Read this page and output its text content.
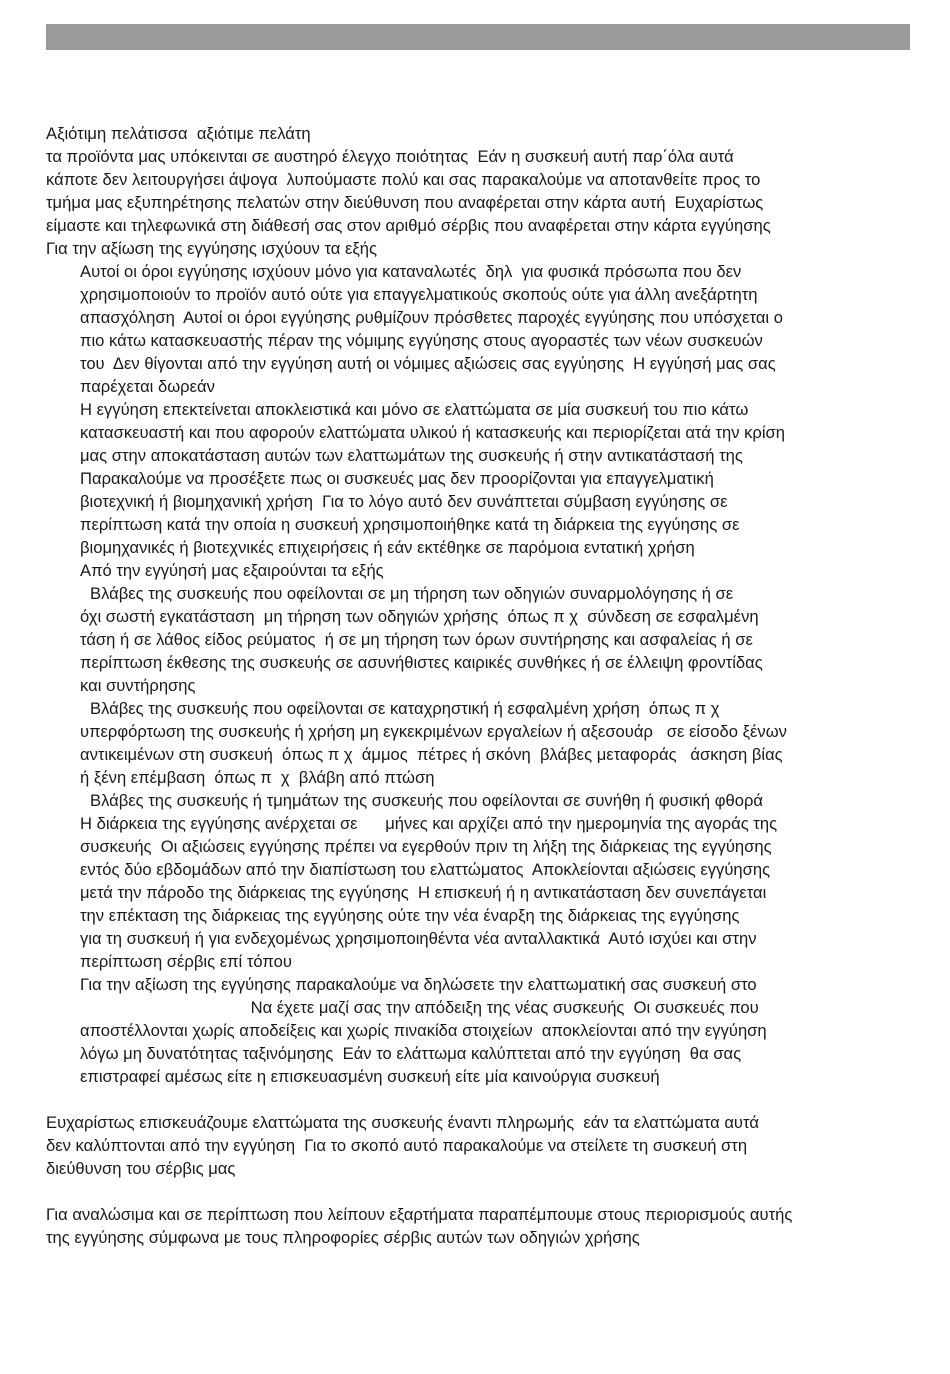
Αξιότιμη πελάτισσα  αξιότιμε πελάτη
τα προϊόντα μας υπόκεινται σε αυστηρό έλεγχο ποιότητας  Εάν η συσκευή αυτή παρ΄όλα αυτά
κάποτε δεν λειτουργήσει άψογα  λυπούμαστε πολύ και σας παρακαλούμε να αποτανθείτε προς το
τμήμα μας εξυπηρέτησης πελατών στην διεύθυνση που αναφέρεται στην κάρτα αυτή  Ευχαρίστως
είμαστε και τηλεφωνικά στη διάθεσή σας στον αριθμό σέρβις που αναφέρεται στην κάρτα εγγύησης
Για την αξίωση της εγγύησης ισχύουν τα εξής
Αυτοί οι όροι εγγύησης ισχύουν μόνο για καταναλωτές  δηλ  για φυσικά πρόσωπα που δεν
χρησιμοποιούν το προϊόν αυτό ούτε για επαγγελματικούς σκοπούς ούτε για άλλη ανεξάρτητη
απασχόληση  Αυτοί οι όροι εγγύησης ρυθμίζουν πρόσθετες παροχές εγγύησης που υπόσχεται ο
πιο κάτω κατασκευαστής πέραν της νόμιμης εγγύησης στους αγοραστές των νέων συσκευών
του  Δεν θίγονται από την εγγύηση αυτή οι νόμιμες αξιώσεις σας εγγύησης  Η εγγύησή μας σας
παρέχεται δωρεάν
Η εγγύηση επεκτείνεται αποκλειστικά και μόνο σε ελαττώματα σε μία συσκευή του πιο κάτω
κατασκευαστή και που αφορούν ελαττώματα υλικού ή κατασκευής και περιορίζεται ατά την κρίση
μας στην αποκατάσταση αυτών των ελαττωμάτων της συσκευής ή στην αντικατάστασή της
Παρακαλούμε να προσέξετε πως οι συσκευές μας δεν προορίζονται για επαγγελματική
βιοτεχνική ή βιομηχανική χρήση  Για το λόγο αυτό δεν συνάπτεται σύμβαση εγγύησης σε
περίπτωση κατά την οποία η συσκευή χρησιμοποιήθηκε κατά τη διάρκεια της εγγύησης σε
βιομηχανικές ή βιοτεχνικές επιχειρήσεις ή εάν εκτέθηκε σε παρόμοια εντατική χρήση
Από την εγγύησή μας εξαιρούνται τα εξής
Βλάβες της συσκευής που οφείλονται σε μη τήρηση των οδηγιών συναρμολόγησης ή σε
όχι σωστή εγκατάσταση  μη τήρηση των οδηγιών χρήσης  όπως π χ  σύνδεση σε εσφαλμένη
τάση ή σε λάθος είδος ρεύματος  ή σε μη τήρηση των όρων συντήρησης και ασφαλείας ή σε
περίπτωση έκθεσης της συσκευής σε ασυνήθιστες καιρικές συνθήκες ή σε έλλειψη φροντίδας
και συντήρησης
Βλάβες της συσκευής που οφείλονται σε καταχρηστική ή εσφαλμένη χρήση  όπως π χ
υπερφόρτωση της συσκευής ή χρήση μη εγκεκριμένων εργαλείων ή αξεσουάρ   σε είσοδο ξένων
αντικειμένων στη συσκευή  όπως π χ  άμμος  πέτρες ή σκόνη  βλάβες μεταφοράς   άσκηση βίας
ή ξένη επέμβαση  όπως π  χ  βλάβη από πτώση
Βλάβες της συσκευής ή τμημάτων της συσκευής που οφείλονται σε συνήθη ή φυσική φθορά
Η διάρκεια της εγγύησης ανέρχεται σε      μήνες και αρχίζει από την ημερομηνία της αγοράς της
συσκευής  Οι αξιώσεις εγγύησης πρέπει να εγερθούν πριν τη λήξη της διάρκειας της εγγύησης
εντός δύο εβδομάδων από την διαπίστωση του ελαττώματος  Αποκλείονται αξιώσεις εγγύησης
μετά την πάροδο της διάρκειας της εγγύησης  Η επισκευή ή η αντικατάσταση δεν συνεπάγεται
την επέκταση της διάρκειας της εγγύησης ούτε την νέα έναρξη της διάρκειας της εγγύησης
για τη συσκευή ή για ενδεχομένως χρησιμοποιηθέντα νέα ανταλλακτικά  Αυτό ισχύει και στην
περίπτωση σέρβις επί τόπου
Για την αξίωση της εγγύησης παρακαλούμε να δηλώσετε την ελαττωματική σας συσκευή στο
Να έχετε μαζί σας την απόδειξη της νέας συσκευής  Οι συσκευές που
αποστέλλονται χωρίς αποδείξεις και χωρίς πινακίδα στοιχείων  αποκλείονται από την εγγύηση
λόγω μη δυνατότητας ταξινόμησης  Εάν το ελάττωμα καλύπτεται από την εγγύηση  θα σας
επιστραφεί αμέσως είτε η επισκευασμένη συσκευή είτε μία καινούργια συσκευή
Ευχαρίστως επισκευάζουμε ελαττώματα της συσκευής έναντι πληρωμής  εάν τα ελαττώματα αυτά
δεν καλύπτονται από την εγγύηση  Για το σκοπό αυτό παρακαλούμε να στείλετε τη συσκευή στη
διεύθυνση του σέρβις μας
Για αναλώσιμα και σε περίπτωση που λείπουν εξαρτήματα παραπέμπουμε στους περιορισμούς αυτής
της εγγύησης σύμφωνα με τους πληροφορίες σέρβις αυτών των οδηγιών χρήσης
